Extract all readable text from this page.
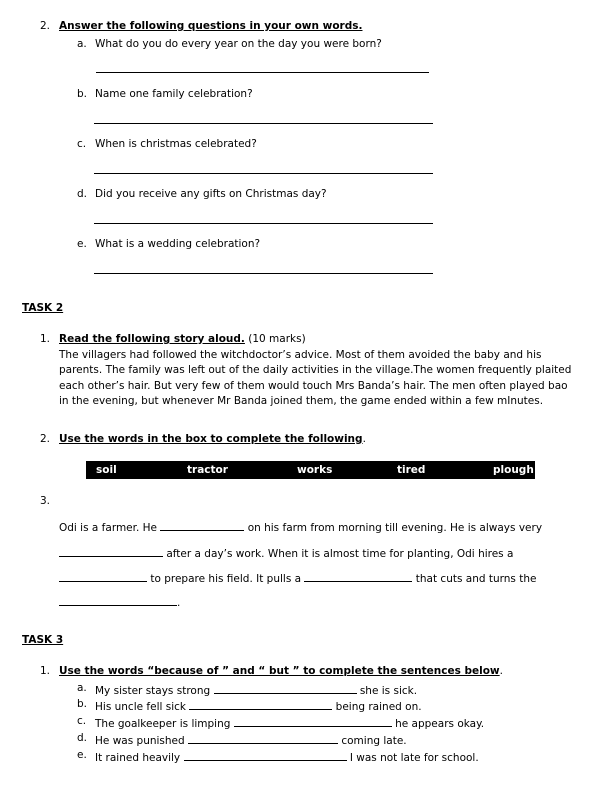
2. Answer the following questions in your own words.
a. What do you do every year on the day you were born?
b. Name one family celebration?
c. When is christmas celebrated?
d. Did you receive any gifts on Christmas day?
e. What is a wedding celebration?
TASK 2
1. Read the following story aloud. (10 marks)
The villagers had followed the witchdoctor’s advice. Most of them avoided the baby and his parents. The family was left out of the daily activities in the village.The women frequently plaited each other’s hair. But very few of them would touch Mrs Banda’s hair. The men often played bao in the evening, but whenever Mr Banda joined them, the game ended within a few mInutes.
2. Use the words in the box to complete the following.
soil	tractor	works	tired	plough
3.
Odi is a farmer. He	on his farm from morning till evening. He is always very
after a day’s work. When it is almost time for planting, Odi hires a
to prepare his field. It pulls a	that cuts and turns the
.
TASK 3
1. Use the words “because of ” and “ but ” to complete the sentences below.
a. My sister stays strong	she is sick.
b. His uncle fell sick	being rained on.
c. The goalkeeper is limping	he appears okay.
d. He was punished	coming late.
e. It rained heavily	I was not late for school.
